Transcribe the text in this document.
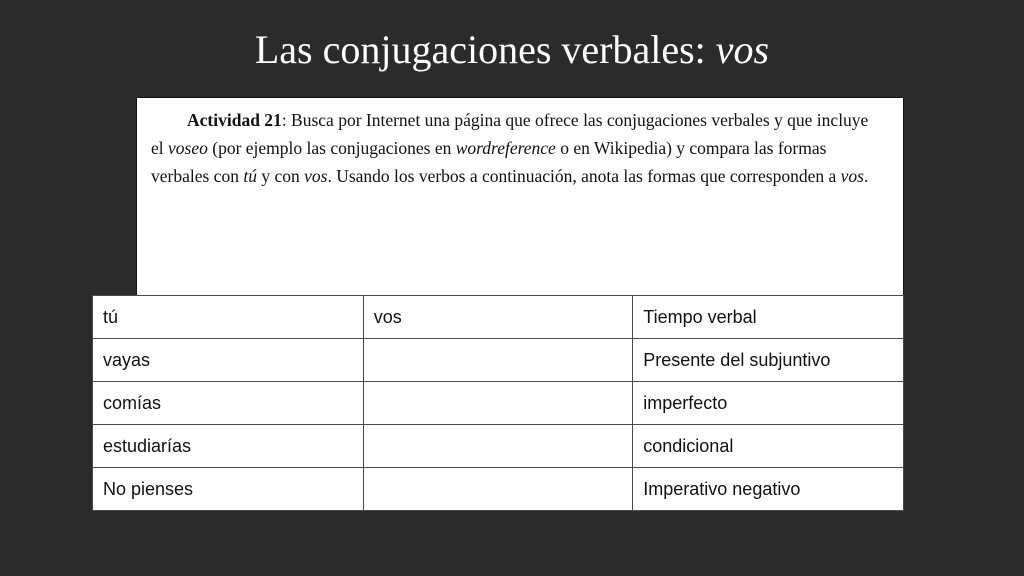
Las conjugaciones verbales: vos

Actividad 21: Busca por Internet una página que ofrece las conjugaciones verbales y que incluye el voseo (por ejemplo las conjugaciones en wordreference o en Wikipedia) y compara las formas verbales con tú y con vos. Usando los verbos a continuación, anota las formas que corresponden a vos.

tú	vos	Tiempo verbal
vayas		Presente del subjuntivo
comías		imperfecto
estudiarías		condicional
No pienses		Imperativo negativo
